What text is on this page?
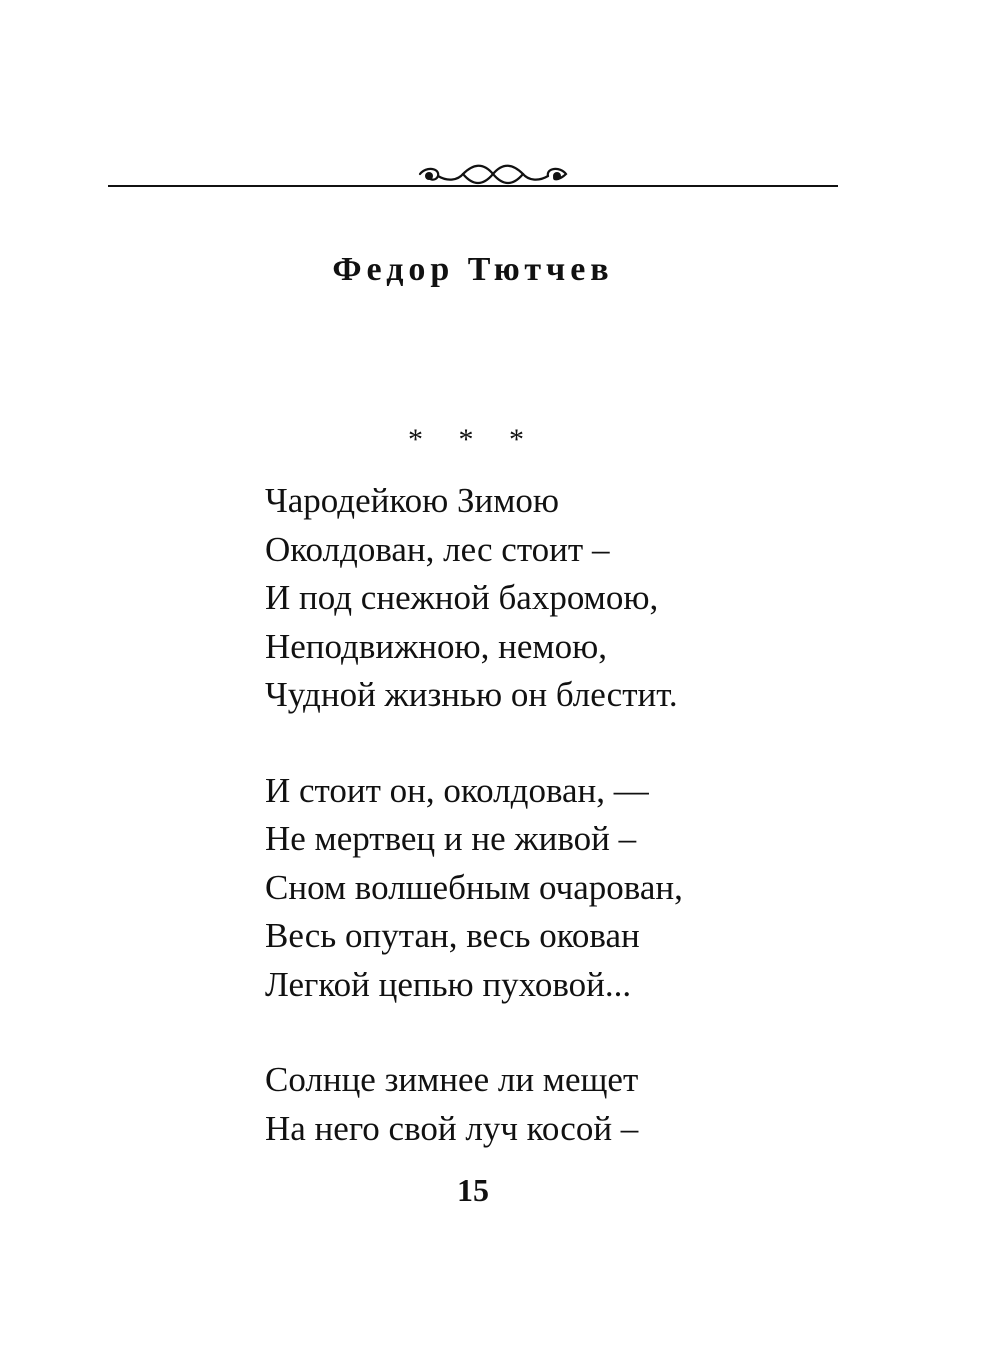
Федор Тютчев
* * *
Чародейкою Зимою
Околдован, лес стоит –
И под снежной бахромою,
Неподвижною, немою,
Чудной жизнью он блестит.
И стоит он, околдован, —
Не мертвец и не живой –
Сном волшебным очарован,
Весь опутан, весь окован
Легкой цепью пуховой...
Солнце зимнее ли мещет
На него свой луч косой –
15
